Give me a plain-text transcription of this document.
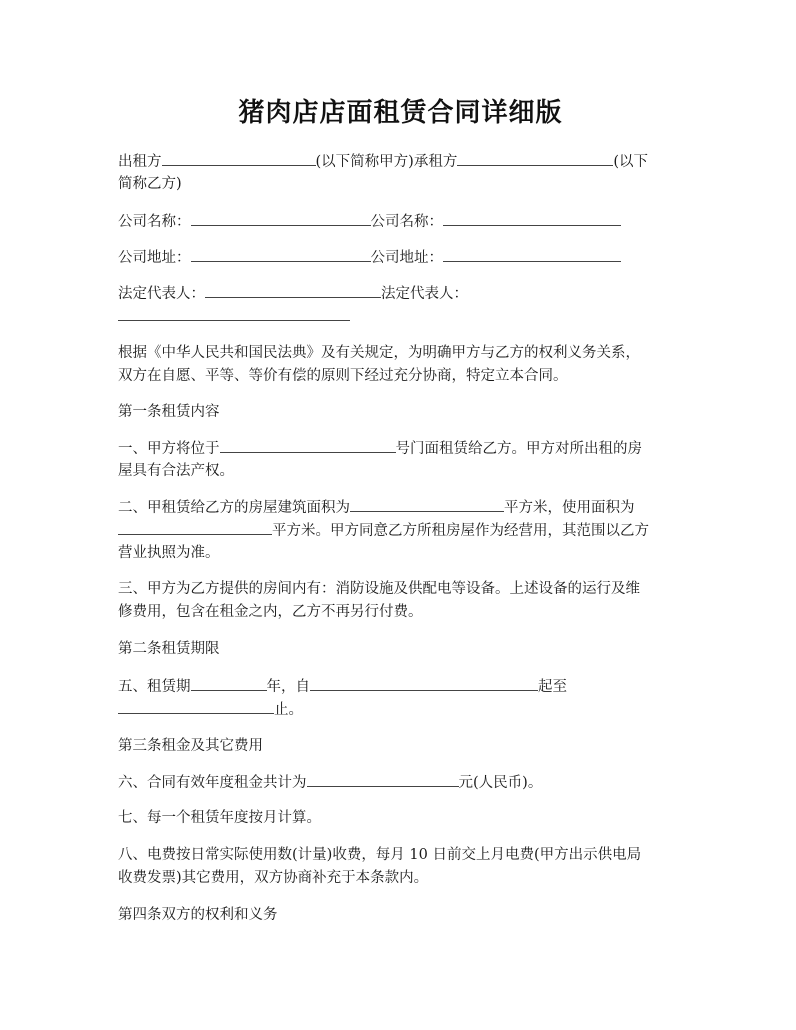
猪肉店店面租赁合同详细版
出租方	(以下简称甲方)承租方	(以下
简称乙方)
公司名称：	公司名称：
公司地址：	公司地址：
法定代表人：	法定代表人：
根据《中华人民共和国民法典》及有关规定，为明确甲方与乙方的权利义务关系，
双方在自愿、平等、等价有偿的原则下经过充分协商，特定立本合同。
第一条租赁内容
一、甲方将位于	号门面租赁给乙方。甲方对所出租的房
屋具有合法产权。
二、甲租赁给乙方的房屋建筑面积为	平方米，使用面积为
平方米。甲方同意乙方所租房屋作为经营用，其范围以乙方
营业执照为准。
三、甲方为乙方提供的房间内有：消防设施及供配电等设备。上述设备的运行及维
修费用，包含在租金之内，乙方不再另行付费。
第二条租赁期限
五、租赁期	年，自	起至
止。
第三条租金及其它费用
六、合同有效年度租金共计为	元(人民币)。
七、每一个租赁年度按月计算。
八、电费按日常实际使用数(计量)收费，每月 10 日前交上月电费(甲方出示供电局
收费发票)其它费用，双方协商补充于本条款内。
第四条双方的权利和义务
